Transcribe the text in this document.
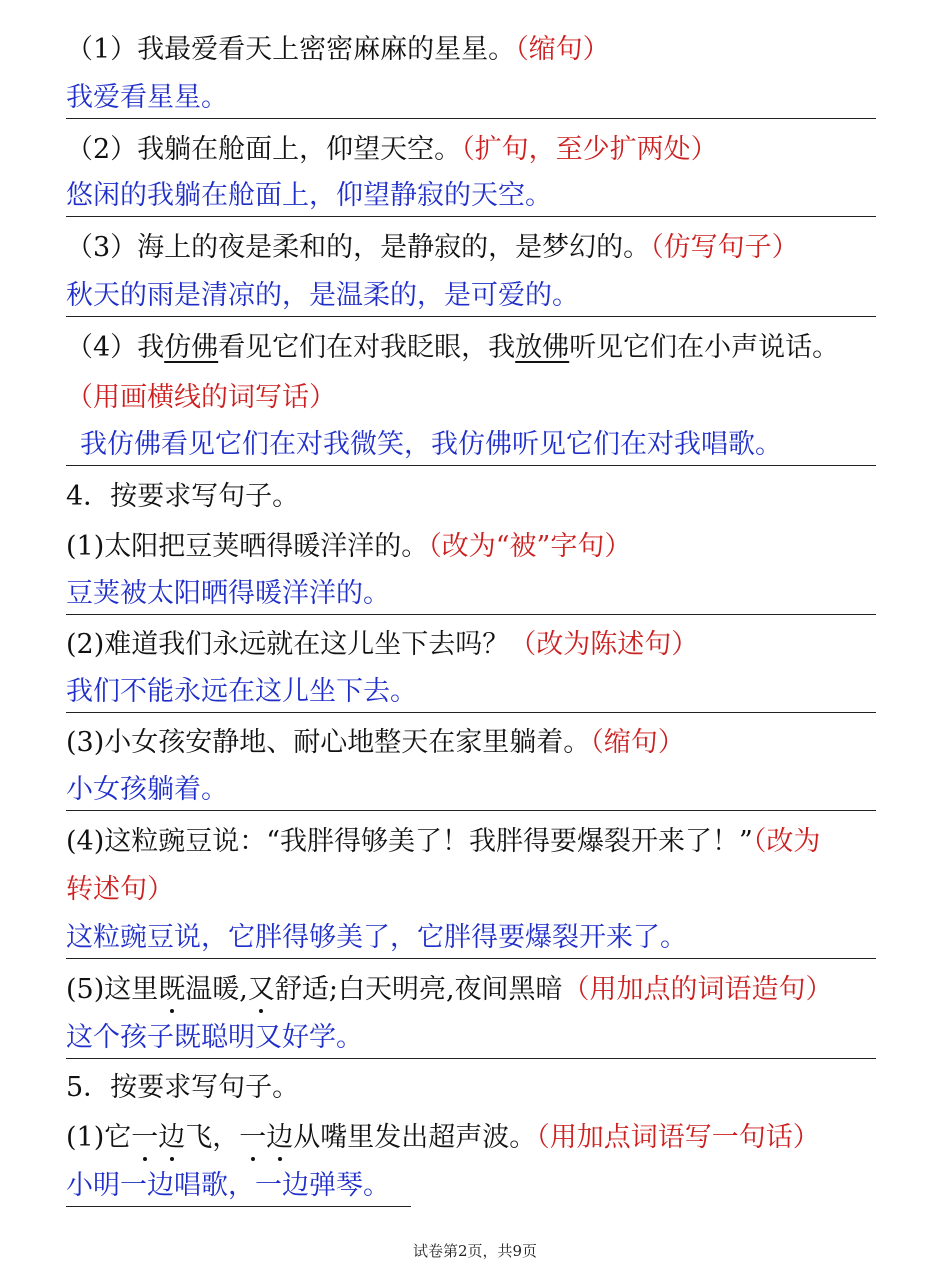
（1）我最爱看天上密密麻麻的星星。（缩句）
我爱看星星。
（2）我躺在舱面上，仰望天空。（扩句，至少扩两处）
悠闲的我躺在舱面上，仰望静寂的天空。
（3）海上的夜是柔和的，是静寂的，是梦幻的。（仿写句子）
秋天的雨是清凉的，是温柔的，是可爱的。
（4）我仿佛看见它们在对我眨眼，我放佛听见它们在小声说话。
（用画横线的词写话）
我仿佛看见它们在对我微笑，我仿佛听见它们在对我唱歌。
4．按要求写句子。
(1)太阳把豆荚晒得暖洋洋的。（改为“被”字句）
豆荚被太阳晒得暖洋洋的。
(2)难道我们永远就在这儿坐下去吗？（改为陈述句）
我们不能永远在这儿坐下去。
(3)小女孩安静地、耐心地整天在家里躺着。（缩句）
小女孩躺着。
(4)这粒豌豆说：“我胖得够美了！我胖得要爆裂开来了！”（改为
转述句）
这粒豌豆说，它胖得够美了，它胖得要爆裂开来了。
(5)这里既温暖,又舒适;白天明亮,夜间黑暗（用加点的词语造句）
这个孩子既聪明又好学。
5．按要求写句子。
(1)它一边飞，一边从嘴里发出超声波。（用加点词语写一句话）
小明一边唱歌，一边弹琴。
试卷第2页，共9页
